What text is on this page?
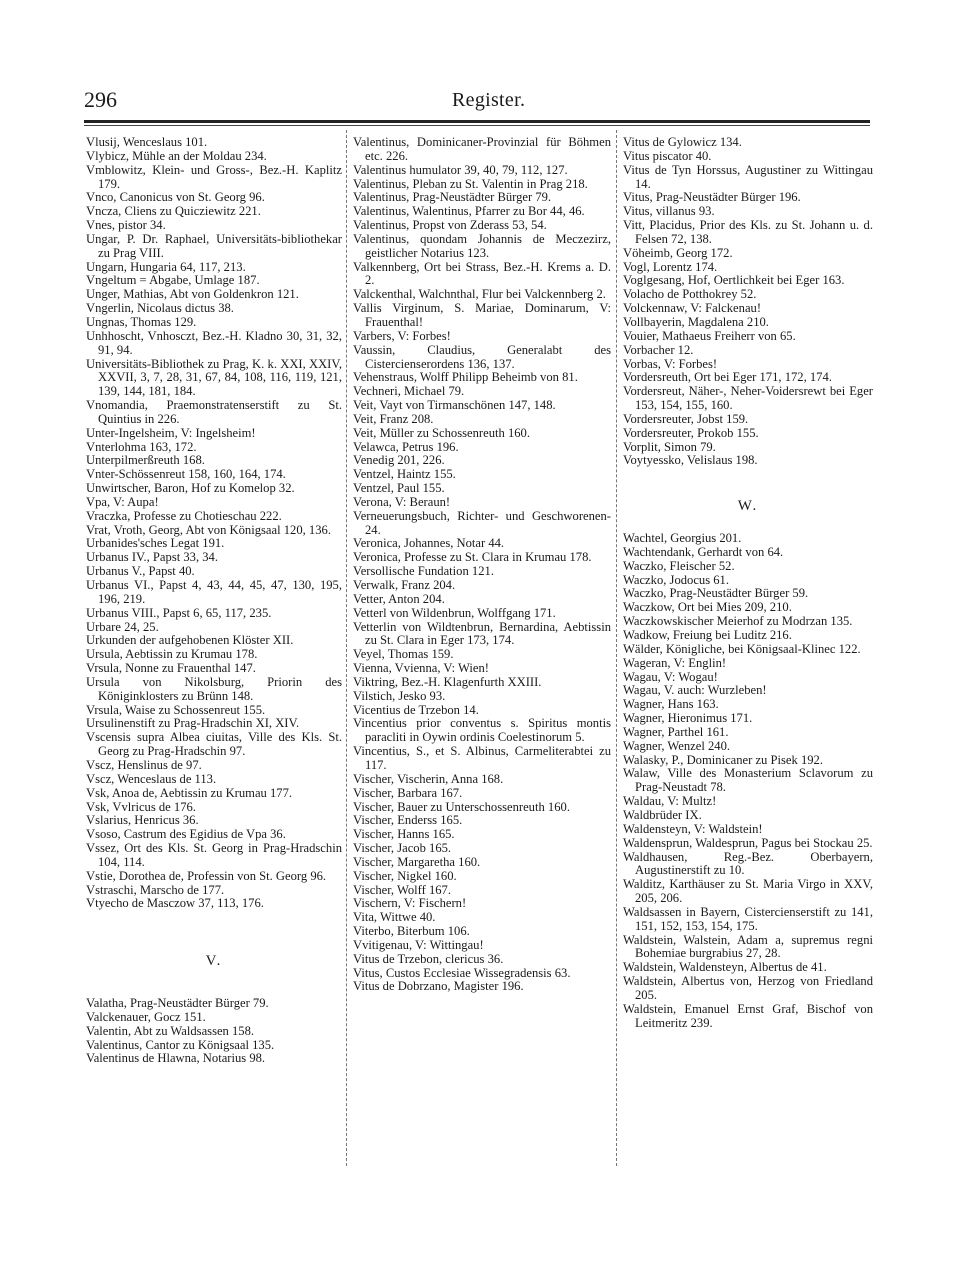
296	Register.
Vlusij, Wenceslaus 101.
Vlybicz, Mühle an der Moldau 234.
Vmblowitz, Klein- und Gross-, Bez.-H. Kaplitz 179.
Vnco, Canonicus von St. Georg 96.
Vncza, Cliens zu Quicziewitz 221.
Vnes, pistor 34.
Ungar, P. Dr. Raphael, Universitäts-bibliothekar zu Prag VIII.
Ungarn, Hungaria 64, 117, 213.
Vngeltum = Abgabe, Umlage 187.
Unger, Mathias, Abt von Goldenkron 121.
Vngerlin, Nicolaus dictus 38.
Ungnas, Thomas 129.
Unhhoscht, Vnhosczt, Bez.-H. Kladno 30, 31, 32, 91, 94.
Universitäts-Bibliothek zu Prag, K. k. XXI, XXIV, XXVII, 3, 7, 28, 31, 67, 84, 108, 116, 119, 121, 139, 144, 181, 184.
Vnomandia, Praemonstratenserstift zu St. Quintius in 226.
Unter-Ingelsheim, V: Ingelsheim!
Vnterlohma 163, 172.
Unterpilmerßreuth 168.
Vnter-Schössenreut 158, 160, 164, 174.
Unwirtscher, Baron, Hof zu Komelop 32.
Vpa, V: Aupa!
Vraczka, Professe zu Chotieschau 222.
Vrat, Vroth, Georg, Abt von Königsaal 120, 136.
Urbanides'sches Legat 191.
Urbanus IV., Papst 33, 34.
Urbanus V., Papst 40.
Urbanus VI., Papst 4, 43, 44, 45, 47, 130, 195, 196, 219.
Urbanus VIII., Papst 6, 65, 117, 235.
Urbare 24, 25.
Urkunden der aufgehobenen Klöster XII.
Ursula, Aebtissin zu Krumau 178.
Vrsula, Nonne zu Frauenthal 147.
Ursula von Nikolsburg, Priorin des Königinklosters zu Brünn 148.
Vrsula, Waise zu Schossenreut 155.
Ursulinenstift zu Prag-Hradschin XI, XIV.
Vscensis supra Albea ciuitas, Ville des Kls. St. Georg zu Prag-Hradschin 97.
Vscz, Henslinus de 97.
Vscz, Wenceslaus de 113.
Vsk, Anoa de, Aebtissin zu Krumau 177.
Vsk, Vvlricus de 176.
Vslarius, Henricus 36.
Vsoso, Castrum des Egidius de Vpa 36.
Vssez, Ort des Kls. St. Georg in Prag-Hradschin 104, 114.
Vstie, Dorothea de, Professin von St. Georg 96.
Vstraschi, Marscho de 177.
Vtyecho de Masczow 37, 113, 176.
V.
Valatha, Prag-Neustädter Bürger 79.
Valckenauer, Gocz 151.
Valentin, Abt zu Waldsassen 158.
Valentinus, Cantor zu Königsaal 135.
Valentinus de Hlawna, Notarius 98.
Valentinus, Dominicaner-Provinzial für Böhmen etc. 226.
Valentinus humulator 39, 40, 79, 112, 127.
Valentinus, Pleban zu St. Valentin in Prag 218.
Valentinus, Prag-Neustädter Bürger 79.
Valentinus, Walentinus, Pfarrer zu Bor 44, 46.
Valentinus, Propst von Zderass 53, 54.
Valentinus, quondam Johannis de Meczezirz, geistlicher Notarius 123.
Valkennberg, Ort bei Strass, Bez.-H. Krems a. D. 2.
Valckenthal, Walchnthal, Flur bei Valckennberg 2.
Vallis Virginum, S. Mariae, Dominarum, V: Frauenthal!
Varbers, V: Forbes!
Vaussin, Claudius, Generalabt des Cistercienserordens 136, 137.
Vehenstraus, Wolff Philipp Beheimb von 81.
Vechneri, Michael 79.
Veit, Vayt von Tirmanschönen 147, 148.
Veit, Franz 208.
Veit, Müller zu Schossenreuth 160.
Velawca, Petrus 196.
Venedig 201, 226.
Ventzel, Haintz 155.
Ventzel, Paul 155.
Verona, V: Beraun!
Verneuerungsbuch, Richter- und Geschworenen- 24.
Veronica, Johannes, Notar 44.
Veronica, Professe zu St. Clara in Krumau 178.
Versollische Fundation 121.
Verwalk, Franz 204.
Vetter, Anton 204.
Vetterl von Wildenbrun, Wolffgang 171.
Vetterlin von Wildtenbrun, Bernardina, Aebtissin zu St. Clara in Eger 173, 174.
Veyel, Thomas 159.
Vienna, Vvienna, V: Wien!
Viktring, Bez.-H. Klagenfurth XXIII.
Vilstich, Jesko 93.
Vicentius de Trzebon 14.
Vincentius prior conventus s. Spiritus montis paracliti in Oywin ordinis Coelestinorum 5.
Vincentius, S., et S. Albinus, Carmeliterabtei zu 117.
Vischer, Vischerin, Anna 168.
Vischer, Barbara 167.
Vischer, Bauer zu Unterschossenreuth 160.
Vischer, Enderss 165.
Vischer, Hanns 165.
Vischer, Jacob 165.
Vischer, Margaretha 160.
Vischer, Nigkel 160.
Vischer, Wolff 167.
Vischern, V: Fischern!
Vita, Wittwe 40.
Viterbo, Biterbum 106.
Vvitigenau, V: Wittingau!
Vitus de Trzebon, clericus 36.
Vitus, Custos Ecclesiae Wissegradensis 63.
Vitus de Dobrzano, Magister 196.
Vitus de Gylowicz 134.
Vitus piscator 40.
Vitus de Tyn Horssus, Augustiner zu Wittingau 14.
Vitus, Prag-Neustädter Bürger 196.
Vitus, villanus 93.
Vitt, Placidus, Prior des Kls. zu St. Johann u. d. Felsen 72, 138.
Vöheimb, Georg 172.
Vogl, Lorentz 174.
Voglgesang, Hof, Oertlichkeit bei Eger 163.
Volacho de Potthokrey 52.
Volckennaw, V: Falckenau!
Vollbayerin, Magdalena 210.
Vouier, Mathaeus Freiherr von 65.
Vorbacher 12.
Vorbas, V: Forbes!
Vordersreuth, Ort bei Eger 171, 172, 174.
Vordersreut, Näher-, Neher-Voidersrewt bei Eger 153, 154, 155, 160.
Vordersreuter, Jobst 159.
Vordersreuter, Prokob 155.
Vorplit, Simon 79.
Voytyessko, Velislaus 198.
W.
Wachtel, Georgius 201.
Wachtendank, Gerhardt von 64.
Waczko, Fleischer 52.
Waczko, Jodocus 61.
Waczko, Prag-Neustädter Bürger 59.
Waczkow, Ort bei Mies 209, 210.
Waczkowskischer Meierhof zu Modrzan 135.
Wadkow, Freiung bei Luditz 216.
Wälder, Königliche, bei Königsaal-Klinec 122.
Wageran, V: Englin!
Wagau, V: Wogau!
Wagau, V. auch: Wurzleben!
Wagner, Hans 163.
Wagner, Hieronimus 171.
Wagner, Parthel 161.
Wagner, Wenzel 240.
Walasky, P., Dominicaner zu Pisek 192.
Walaw, Ville des Monasterium Sclavorum zu Prag-Neustadt 78.
Waldau, V: Multz!
Waldbrüder IX.
Waldensteyn, V: Waldstein!
Waldensprun, Waldesprun, Pagus bei Stockau 25.
Waldhausen, Reg.-Bez. Oberbayern, Augustinerstift zu 10.
Walditz, Karthäuser zu St. Maria Virgo in XXV, 205, 206.
Waldsassen in Bayern, Cistercienserstift zu 141, 151, 152, 153, 154, 175.
Waldstein, Walstein, Adam a, supremus regni Bohemiae burgrabius 27, 28.
Waldstein, Waldensteyn, Albertus de 41.
Waldstein, Albertus von, Herzog von Friedland 205.
Waldstein, Emanuel Ernst Graf, Bischof von Leitmeritz 239.
